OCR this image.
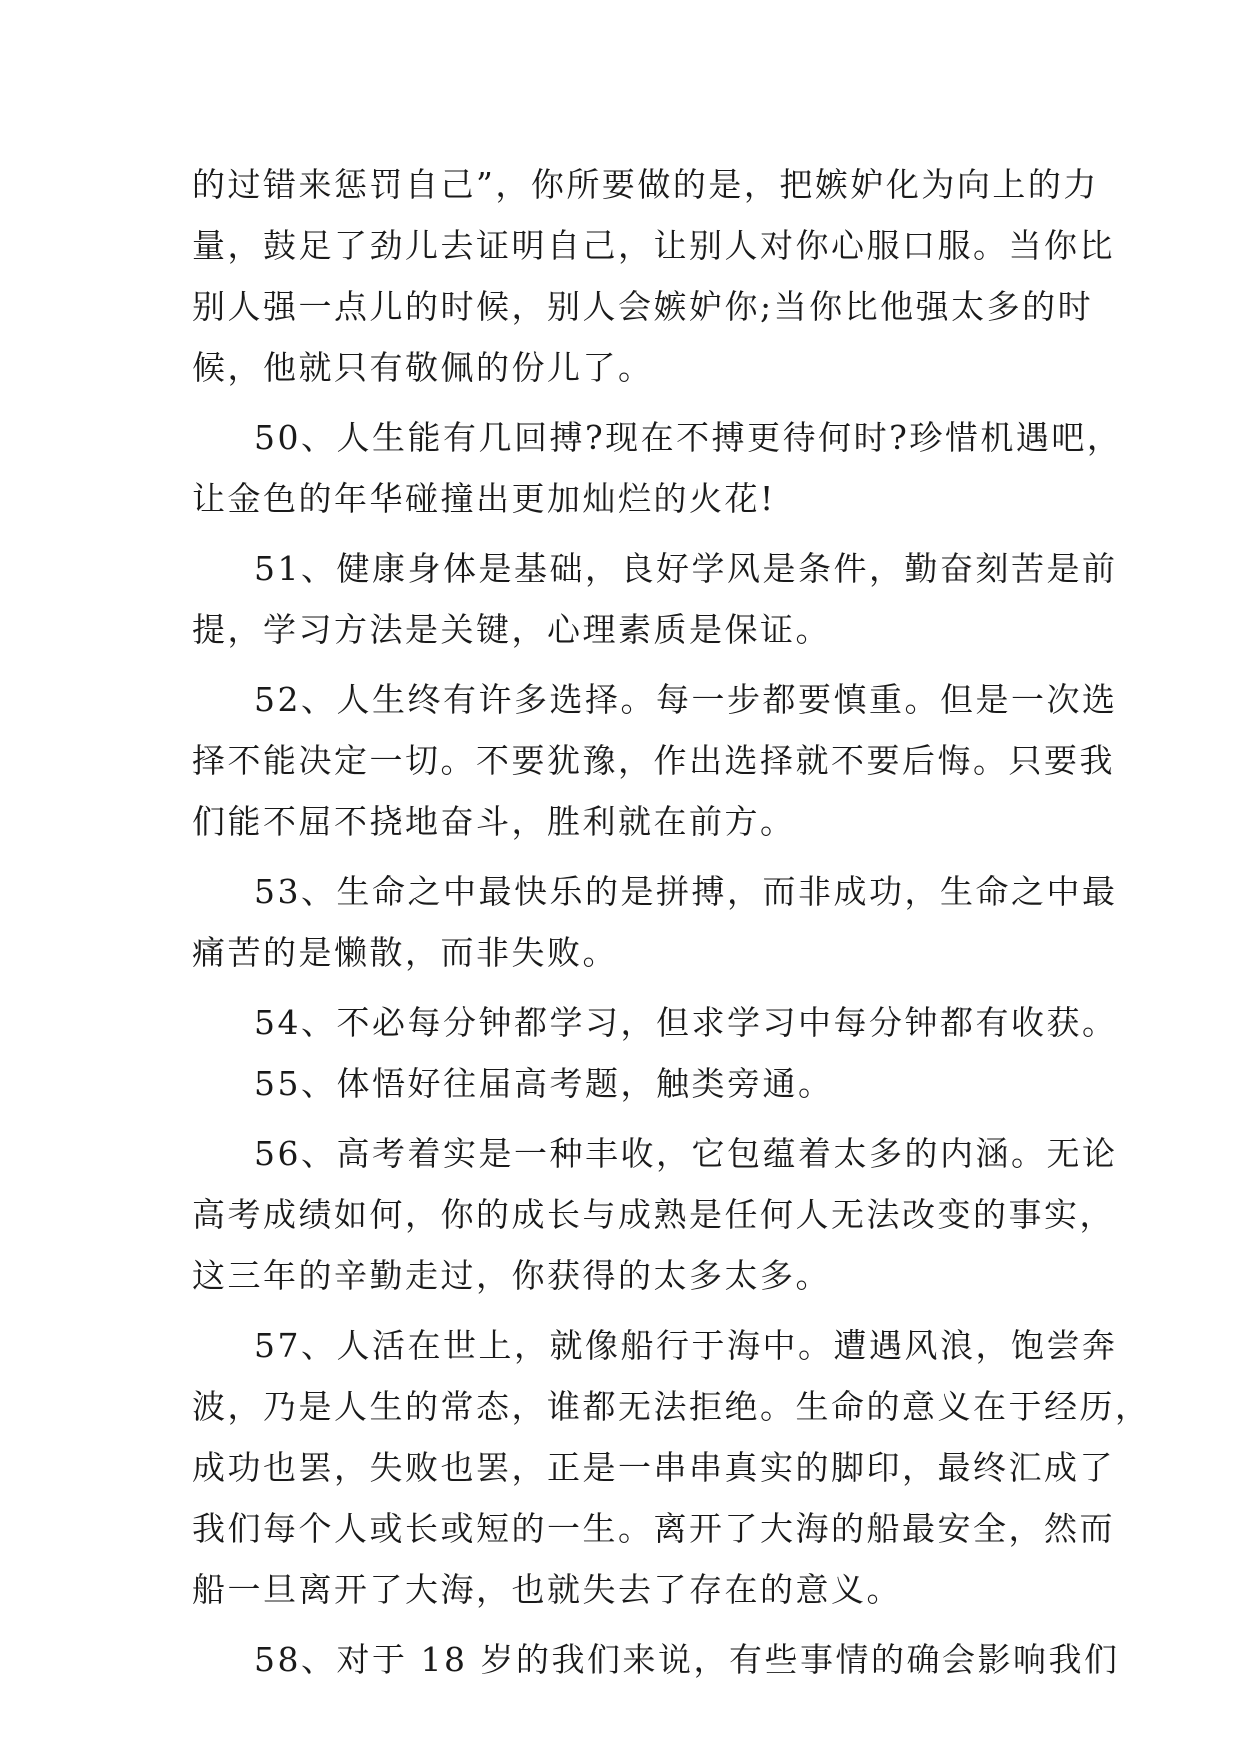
的过错来惩罚自己”，你所要做的是，把嫉妒化为向上的力
量，鼓足了劲儿去证明自己，让别人对你心服口服。当你比
别人强一点儿的时候，别人会嫉妒你;当你比他强太多的时
候，他就只有敬佩的份儿了。
50、人生能有几回搏?现在不搏更待何时?珍惜机遇吧，
让金色的年华碰撞出更加灿烂的火花!
51、健康身体是基础，良好学风是条件，勤奋刻苦是前
提，学习方法是关键，心理素质是保证。
52、人生终有许多选择。每一步都要慎重。但是一次选
择不能决定一切。不要犹豫，作出选择就不要后悔。只要我
们能不屈不挠地奋斗，胜利就在前方。
53、生命之中最快乐的是拼搏，而非成功，生命之中最
痛苦的是懒散，而非失败。
54、不必每分钟都学习，但求学习中每分钟都有收获。
55、体悟好往届高考题，触类旁通。
56、高考着实是一种丰收，它包蕴着太多的内涵。无论
高考成绩如何，你的成长与成熟是任何人无法改变的事实，
这三年的辛勤走过，你获得的太多太多。
57、人活在世上，就像船行于海中。遭遇风浪，饱尝奔
波，乃是人生的常态，谁都无法拒绝。生命的意义在于经历，
成功也罢，失败也罢，正是一串串真实的脚印，最终汇成了
我们每个人或长或短的一生。离开了大海的船最安全，然而
船一旦离开了大海，也就失去了存在的意义。
58、对于 18 岁的我们来说，有些事情的确会影响我们
